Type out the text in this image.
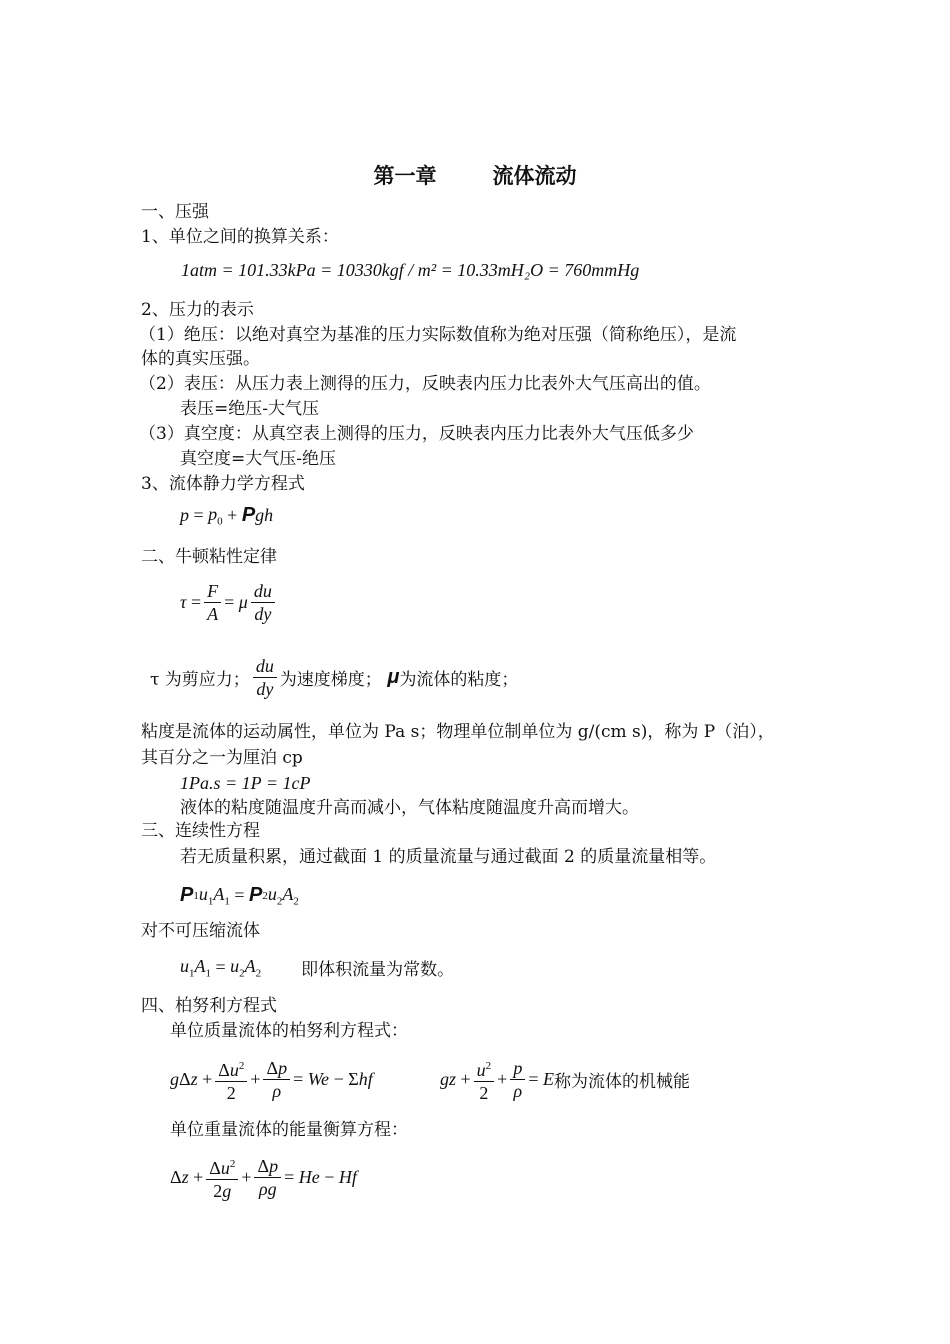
第一章	流体流动
一、压强
1、单位之间的换算关系：
1atm = 101.33kPa = 10330kgf / m² = 10.33mH₂O = 760mmHg
2、压力的表示
（1）绝压：以绝对真空为基准的压力实际数值称为绝对压强（简称绝压），是流
体的真实压强。
（2）表压：从压力表上测得的压力，反映表内压力比表外大气压高出的值。
表压=绝压-大气压
（3）真空度：从真空表上测得的压力，反映表内压力比表外大气压低多少
真空度=大气压-绝压
3、流体静力学方程式
$p = p_0 + P$ gh
二、牛顿粘性定律
$\tau = \frac{F}{A} = \mu \frac{du}{dy}$
τ 为剪应力； $\frac{du}{dy}$ 为速度梯度； μ 为流体的粘度；
粘度是流体的运动属性，单位为 Pa s；物理单位制单位为 g/(cm s)，称为 P（泊），
其百分之一为厘泊 cp
1Pa.s = 1P = 1cP
液体的粘度随温度升高而减小，气体粘度随温度升高而增大。
三、连续性方程
若无质量积累，通过截面 1 的质量流量与通过截面 2 的质量流量相等。
P 1 $u_1A_1 = P$ 2 $u_2A_2$
对不可压缩流体
$u_1A_1 = u_2A_2$ 即体积流量为常数。
四、柏努利方程式
单位质量流体的柏努利方程式：
g Δ $z + \frac{\Delta u^2}{2} + \frac{\Delta p}{\rho} = We - \Sigma$ hf	gz + $\frac{u^2}{2} + \frac{p}{\rho} = E$ 称为流体的机械能
单位重量流体的能量衡算方程：
Δ $z + \frac{\Delta u^2}{2g} + \frac{\Delta p}{\rho g} = He - Hf$
